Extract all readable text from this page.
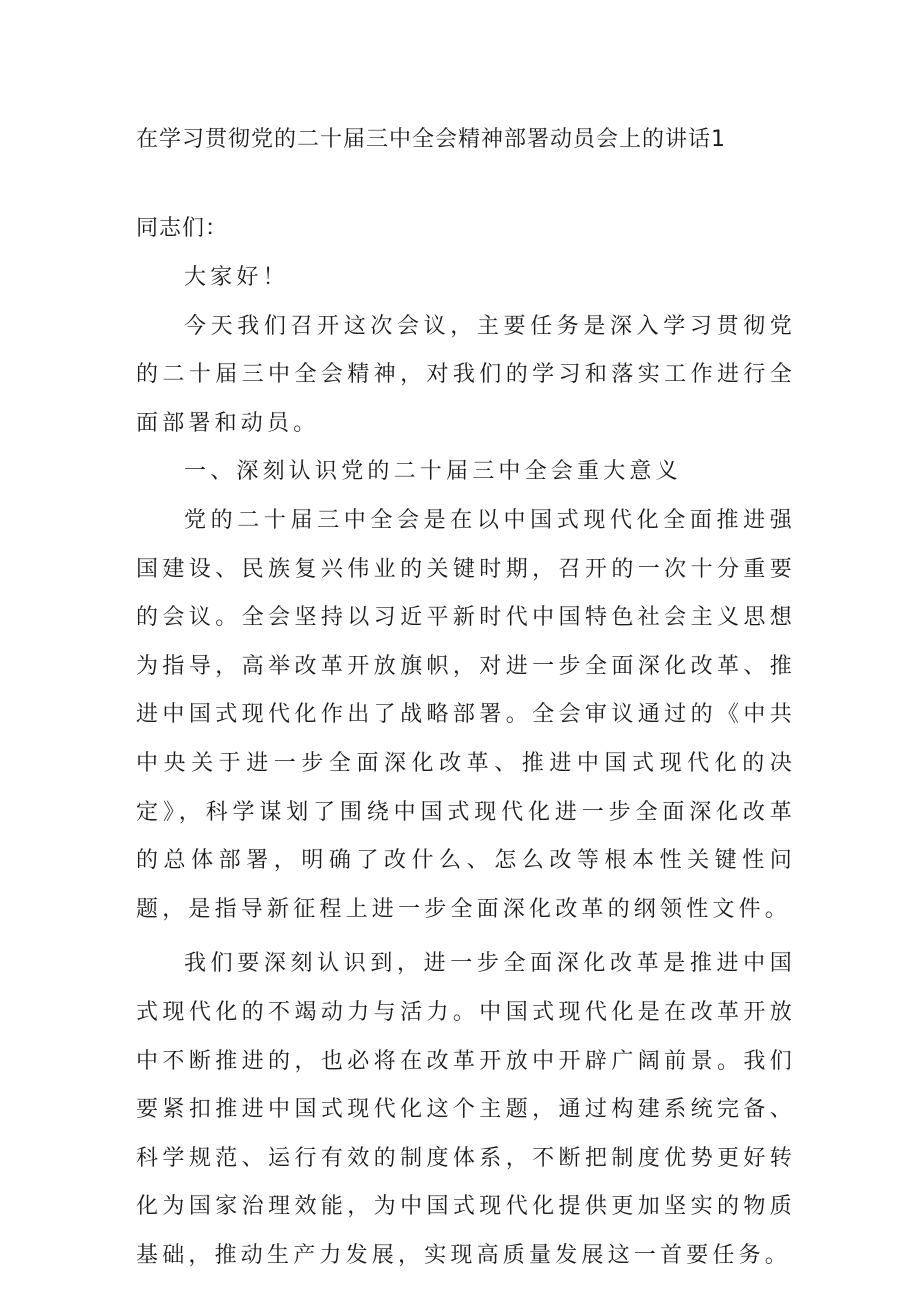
在学习贯彻党的二十届三中全会精神部署动员会上的讲话1
同志们：

大家好！

今天我们召开这次会议，主要任务是深入学习贯彻党的二十届三中全会精神，对我们的学习和落实工作进行全面部署和动员。

一、深刻认识党的二十届三中全会重大意义

党的二十届三中全会是在以中国式现代化全面推进强国建设、民族复兴伟业的关键时期，召开的一次十分重要的会议。全会坚持以习近平新时代中国特色社会主义思想为指导，高举改革开放旗帜，对进一步全面深化改革、推进中国式现代化作出了战略部署。全会审议通过的《中共中央关于进一步全面深化改革、推进中国式现代化的决定》，科学谋划了围绕中国式现代化进一步全面深化改革的总体部署，明确了改什么、怎么改等根本性关键性问题，是指导新征程上进一步全面深化改革的纲领性文件。

我们要深刻认识到，进一步全面深化改革是推进中国式现代化的不竭动力与活力。中国式现代化是在改革开放中不断推进的，也必将在改革开放中开辟广阔前景。我们要紧扣推进中国式现代化这个主题，通过构建系统完备、科学规范、运行有效的制度体系，不断把制度优势更好转化为国家治理效能，为中国式现代化提供更加坚实的物质基础，推动生产力发展，实现高质量发展这一首要任务。
